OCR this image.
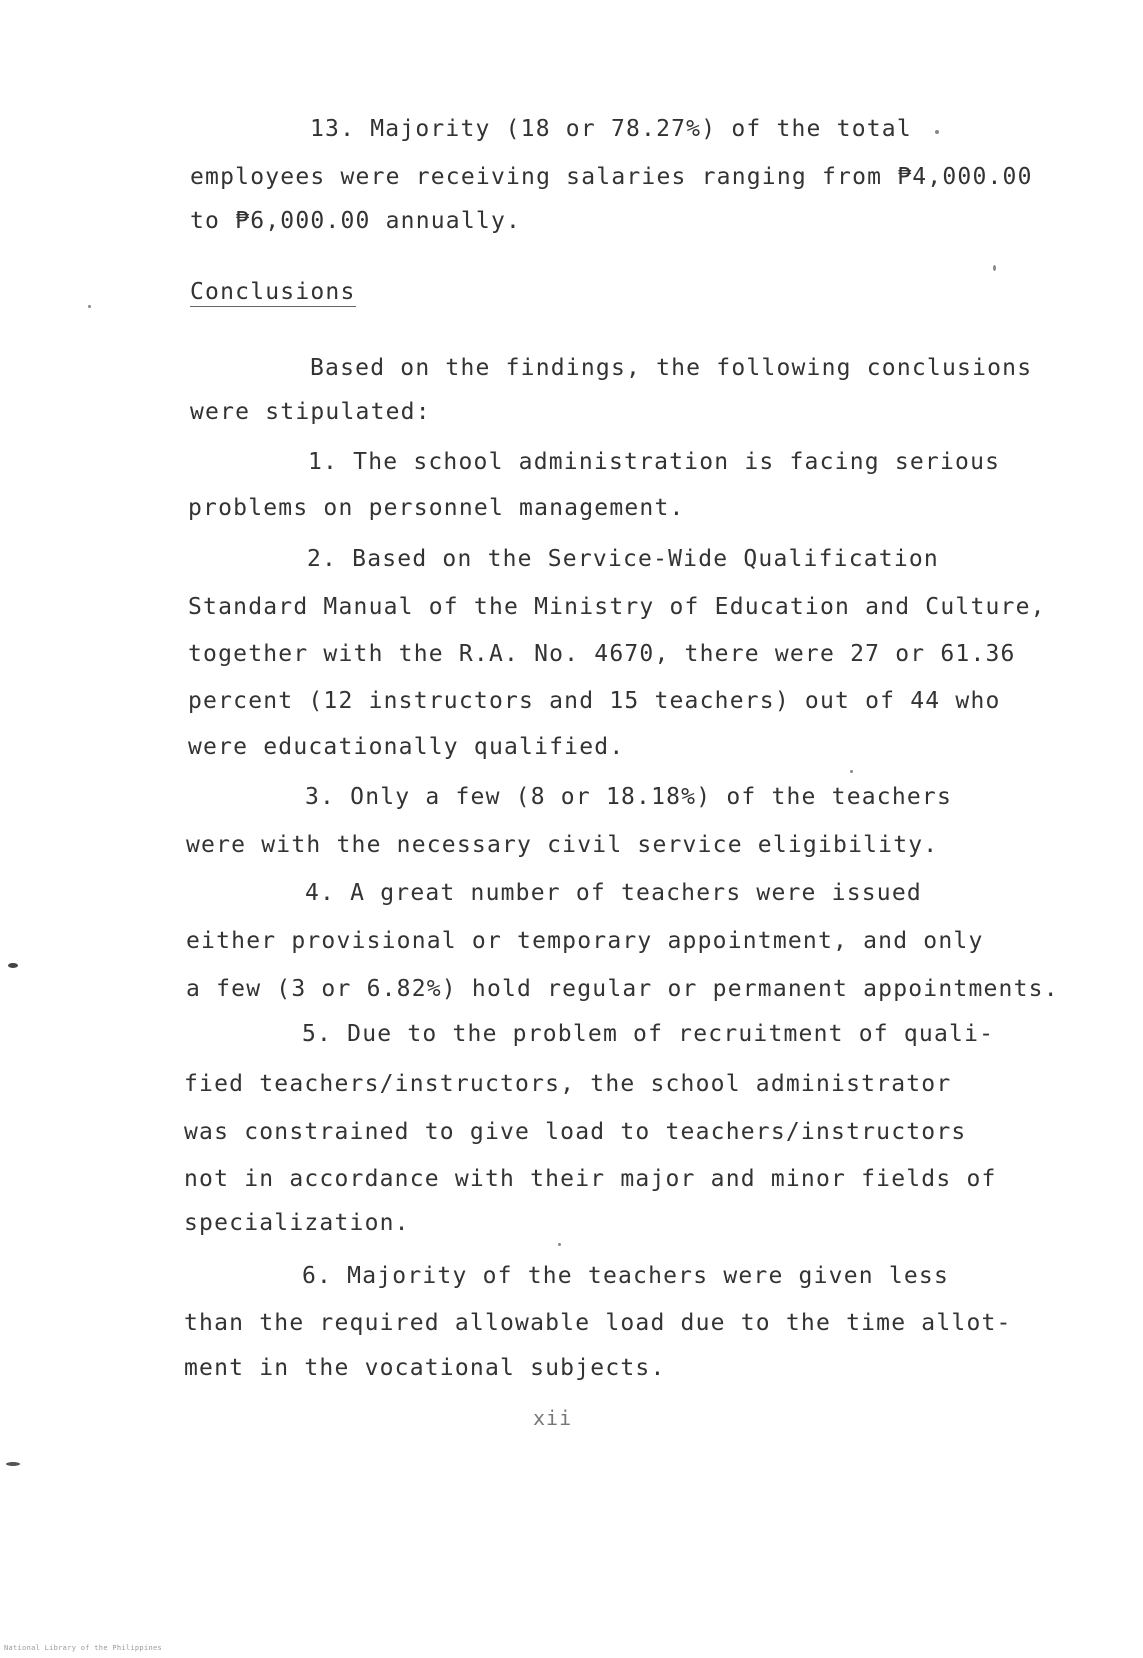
13. Majority (18 or 78.27%) of the total
employees were receiving salaries ranging from ₱4,000.00
to ₱6,000.00 annually.
Conclusions
Based on the findings, the following conclusions
were stipulated:
1. The school administration is facing serious
problems on personnel management.
2. Based on the Service-Wide Qualification
Standard Manual of the Ministry of Education and Culture,
together with the R.A. No. 4670, there were 27 or 61.36
percent (12 instructors and 15 teachers) out of 44 who
were educationally qualified.
3. Only a few (8 or 18.18%) of the teachers
were with the necessary civil service eligibility.
4. A great number of teachers were issued
either provisional or temporary appointment, and only
a few (3 or 6.82%) hold regular or permanent appointments.
5. Due to the problem of recruitment of quali-
fied teachers/instructors, the school administrator
was constrained to give load to teachers/instructors
not in accordance with their major and minor fields of
specialization.
6. Majority of the teachers were given less
than the required allowable load due to the time allot-
ment in the vocational subjects.
xii
National Library of the Philippines
